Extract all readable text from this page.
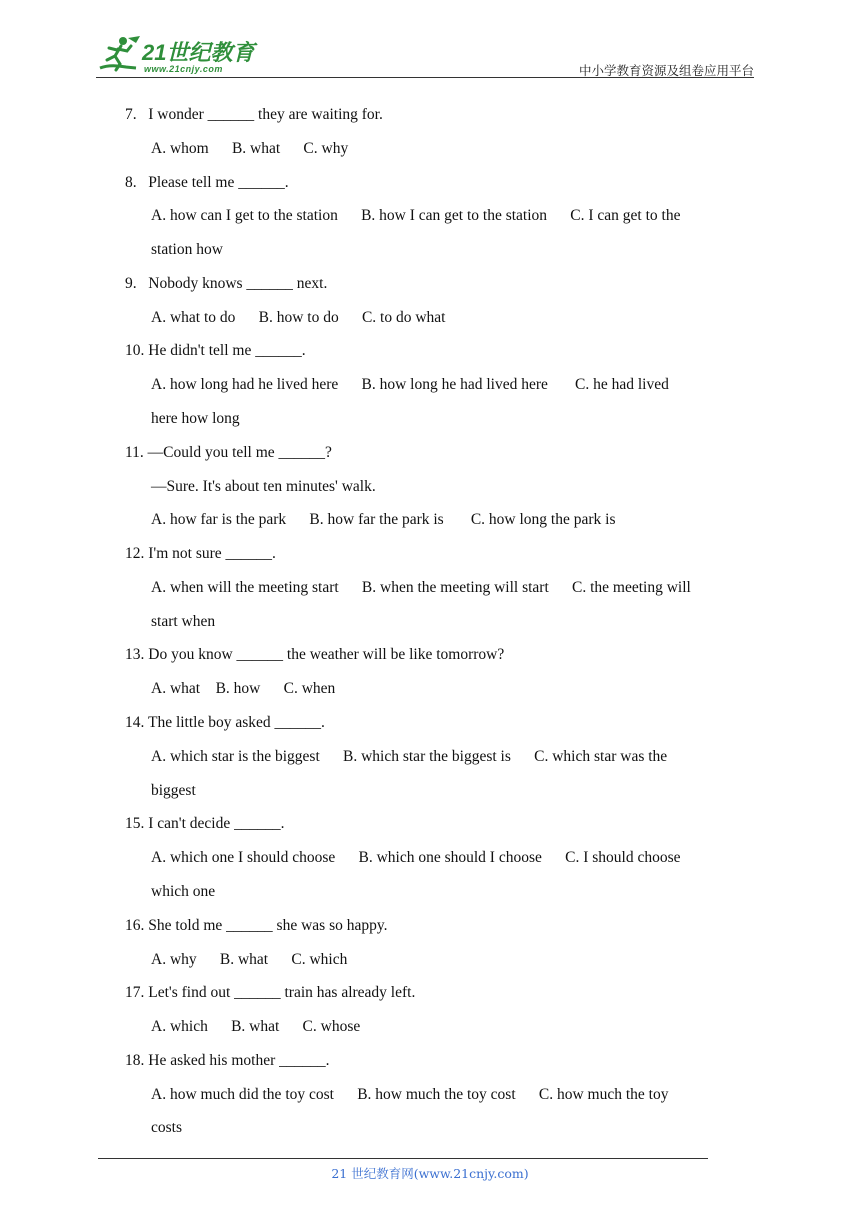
21世纪教育
www.21cnjy.com	中小学教育资源及组卷应用平台
7.   I wonder ______ they are waiting for.
A. whom      B. what      C. why
8.   Please tell me ______.
A. how can I get to the station      B. how I can get to the station      C. I can get to the
station how
9.   Nobody knows ______ next.
A. what to do      B. how to do      C. to do what
10. He didn't tell me ______.
A. how long had he lived here      B. how long he had lived here       C. he had lived
here how long
11. —Could you tell me ______?
—Sure. It's about ten minutes' walk.
A. how far is the park      B. how far the park is       C. how long the park is
12. I'm not sure ______.
A. when will the meeting start      B. when the meeting will start      C. the meeting will
start when
13. Do you know ______ the weather will be like tomorrow?
A. what    B. how      C. when
14. The little boy asked ______.
A. which star is the biggest      B. which star the biggest is      C. which star was the
biggest
15. I can't decide ______.
A. which one I should choose      B. which one should I choose      C. I should choose
which one
16. She told me ______ she was so happy.
A. why      B. what      C. which
17. Let's find out ______ train has already left.
A. which      B. what      C. whose
18. He asked his mother ______.
A. how much did the toy cost      B. how much the toy cost      C. how much the toy
costs
21 世纪教育网(www.21cnjy.com)
